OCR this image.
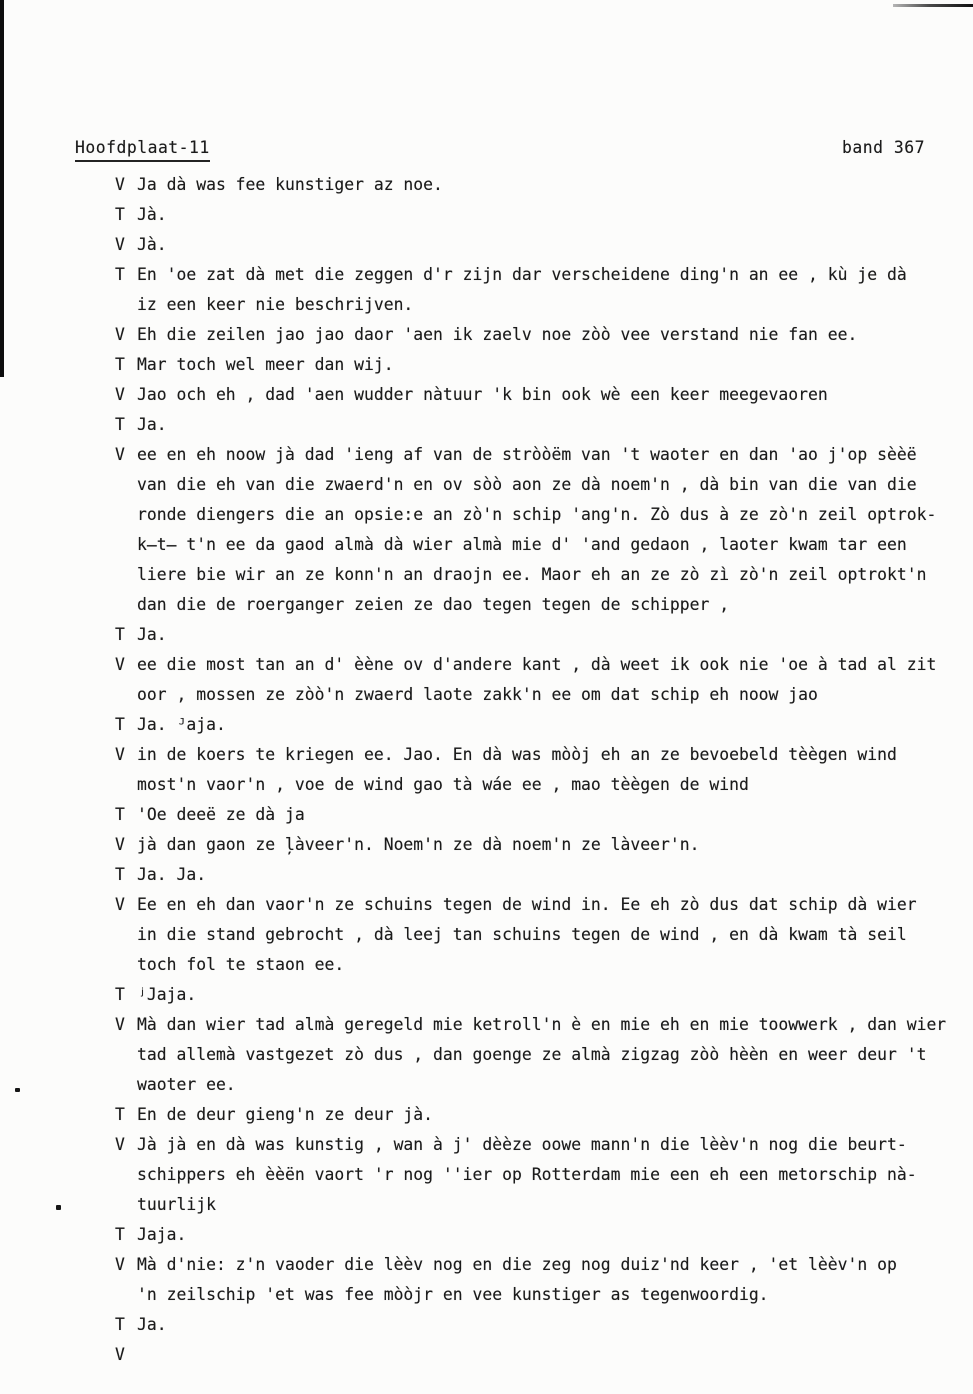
Hoofdplaat-11	band 367
V Ja dà was fee kunstiger az noe.
T Jà.
V Jà.
T En 'oe zat dà met die zeggen d'r zijn dar verscheidene ding'n an ee , kù je dà
iz een keer nie beschrijven.
V Eh die zeilen jao jao daor 'aen ik zaelv noe zòò vee verstand nie fan ee.
T Mar toch wel meer dan wij.
V Jao och eh , dad 'aen wudder nàtuur 'k bin ook wè een keer meegevaoren
T Ja.
V ee en eh noow jà dad 'ieng af van de stròòëm van 't waoter en dan 'ao j'op sèèë
van die eh van die zwaerd'n en ov sòò aon ze dà noem'n , dà bin van die van die
ronde diengers die an opsie:e an zò'n schip 'ang'n. Zò dus à ze zò'n zeil optrok-
k̶t̶ t'n ee da gaod almà dà wier almà mie d' 'and gedaon , laoter kwam tar een
liere bie wir an ze konn'n an draojn ee. Maor eh an ze zò zì zò'n zeil optrokt'n
dan die de roerganger zeien ze dao tegen tegen de schipper ,
T Ja.
V ee die most tan an d' èène ov d'andere kant , dà weet ik ook nie 'oe à tad al zit
oor , mossen ze zòò'n zwaerd laote zakk'n ee om dat schip eh noow jao
T Ja. ᴶaja.
V in de koers te kriegen ee. Jao. En dà was mòòj eh an ze bevoebeld tèègen wind
most'n vaor'n , voe de wind gao tà wáe ee , mao tèègen de wind
T 'Oe deeë ze dà ja
V jà dan gaon ze ļàveer'n. Noem'n ze dà noem'n ze làveer'n.
T Ja. Ja.
V Ee en eh dan vaor'n ze schuins tegen de wind in. Ee eh zò dus dat schip dà wier
in die stand gebrocht , dà leej tan schuins tegen de wind , en dà kwam tà seil
toch fol te staon ee.
T ʲJaja.
V Mà dan wier tad almà geregeld mie ketroll'n è en mie eh en mie toowwerk , dan wier
tad allemà vastgezet zò dus , dan goenge ze almà zigzag zòò hèèn en weer deur 't
waoter ee.
T En de deur gieng'n ze deur jà.
V Jà jà en dà was kunstig , wan à j' dèèze oowe mann'n die lèèv'n nog die beurt-
schippers eh èèën vaort 'r nog ''ier op Rotterdam mie een eh een metorschip nà-
tuurlijk
T Jaja.
V Mà d'nie: z'n vaoder die lèèv nog en die zeg nog duiz'nd keer , 'et lèèv'n op
'n zeilschip 'et was fee mòòjr en vee kunstiger as tegenwoordig.
T Ja.
V
